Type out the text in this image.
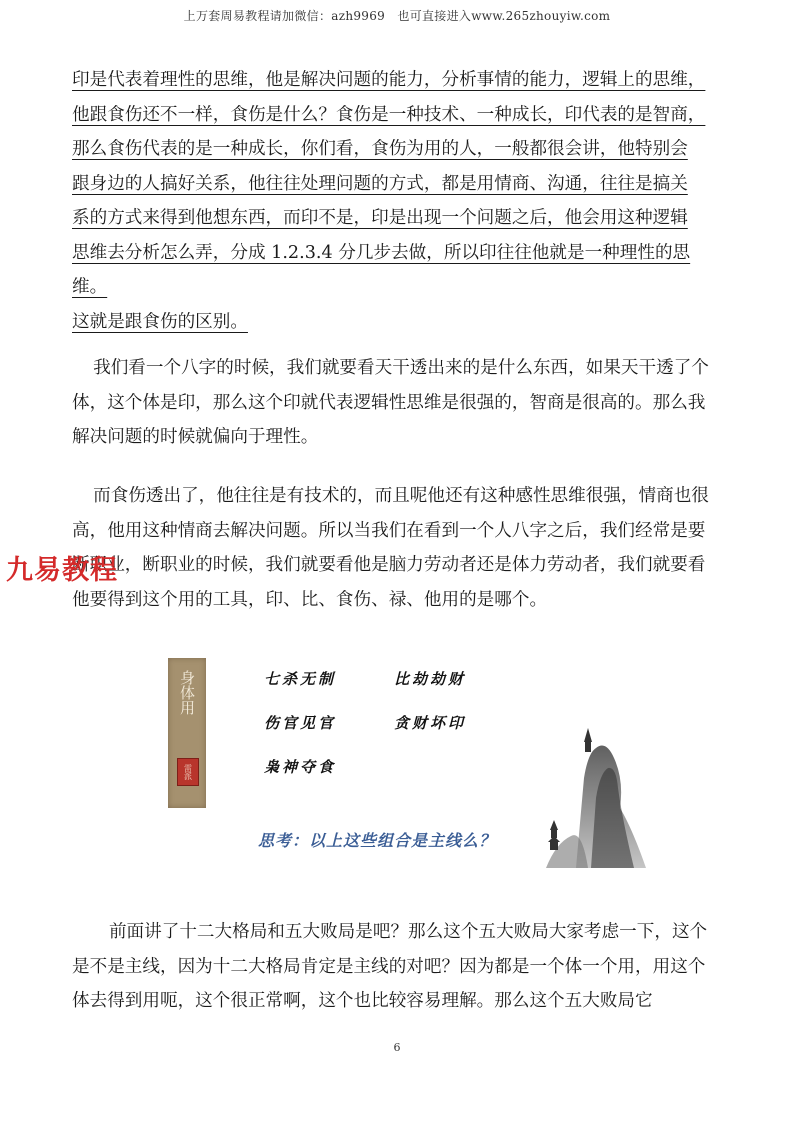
上万套周易教程请加微信：azh9969　也可直接进入www.265zhouyiw.com
九易教程

印是代表着理性的思维，他是解决问题的能力，分析事情的能力，逻辑上的思维，

他跟食伤还不一样，食伤是什么？食伤是一种技术、一种成长，印代表的是智商，

那么食伤代表的是一种成长，你们看，食伤为用的人，一般都很会讲，他特别会

跟身边的人搞好关系，他往往处理问题的方式，都是用情商、沟通，往往是搞关

系的方式来得到他想东西，而印不是，印是出现一个问题之后，他会用这种逻辑

思维去分析怎么弄，分成 1.2.3.4 分几步去做，所以印往往他就是一种理性的思维。

这就是跟食伤的区别。

我们看一个八字的时候，我们就要看天干透出来的是什么东西，如果天干透了个体，这个体是印，那么这个印就代表逻辑性思维是很强的，智商是很高的。那么我解决问题的时候就偏向于理性。

而食伤透出了，他往往是有技术的，而且呢他还有这种感性思维很强，情商也很高，他用这种情商去解决问题。所以当我们在看到一个人八字之后，我们经常是要断职业，断职业的时候，我们就要看他是脑力劳动者还是体力劳动者，我们就要看他要得到这个用的工具，印、比、食伤、禄、他用的是哪个。

身体用
雷派
七杀无制	比劫劫财
伤官见官	贪财坏印
枭神夺食
思考：以上这些组合是主线么？

前面讲了十二大格局和五大败局是吧？那么这个五大败局大家考虑一下，这个是不是主线，因为十二大格局肯定是主线的对吧？因为都是一个体一个用，用这个体去得到用呃，这个很正常啊，这个也比较容易理解。那么这个五大败局它

6
